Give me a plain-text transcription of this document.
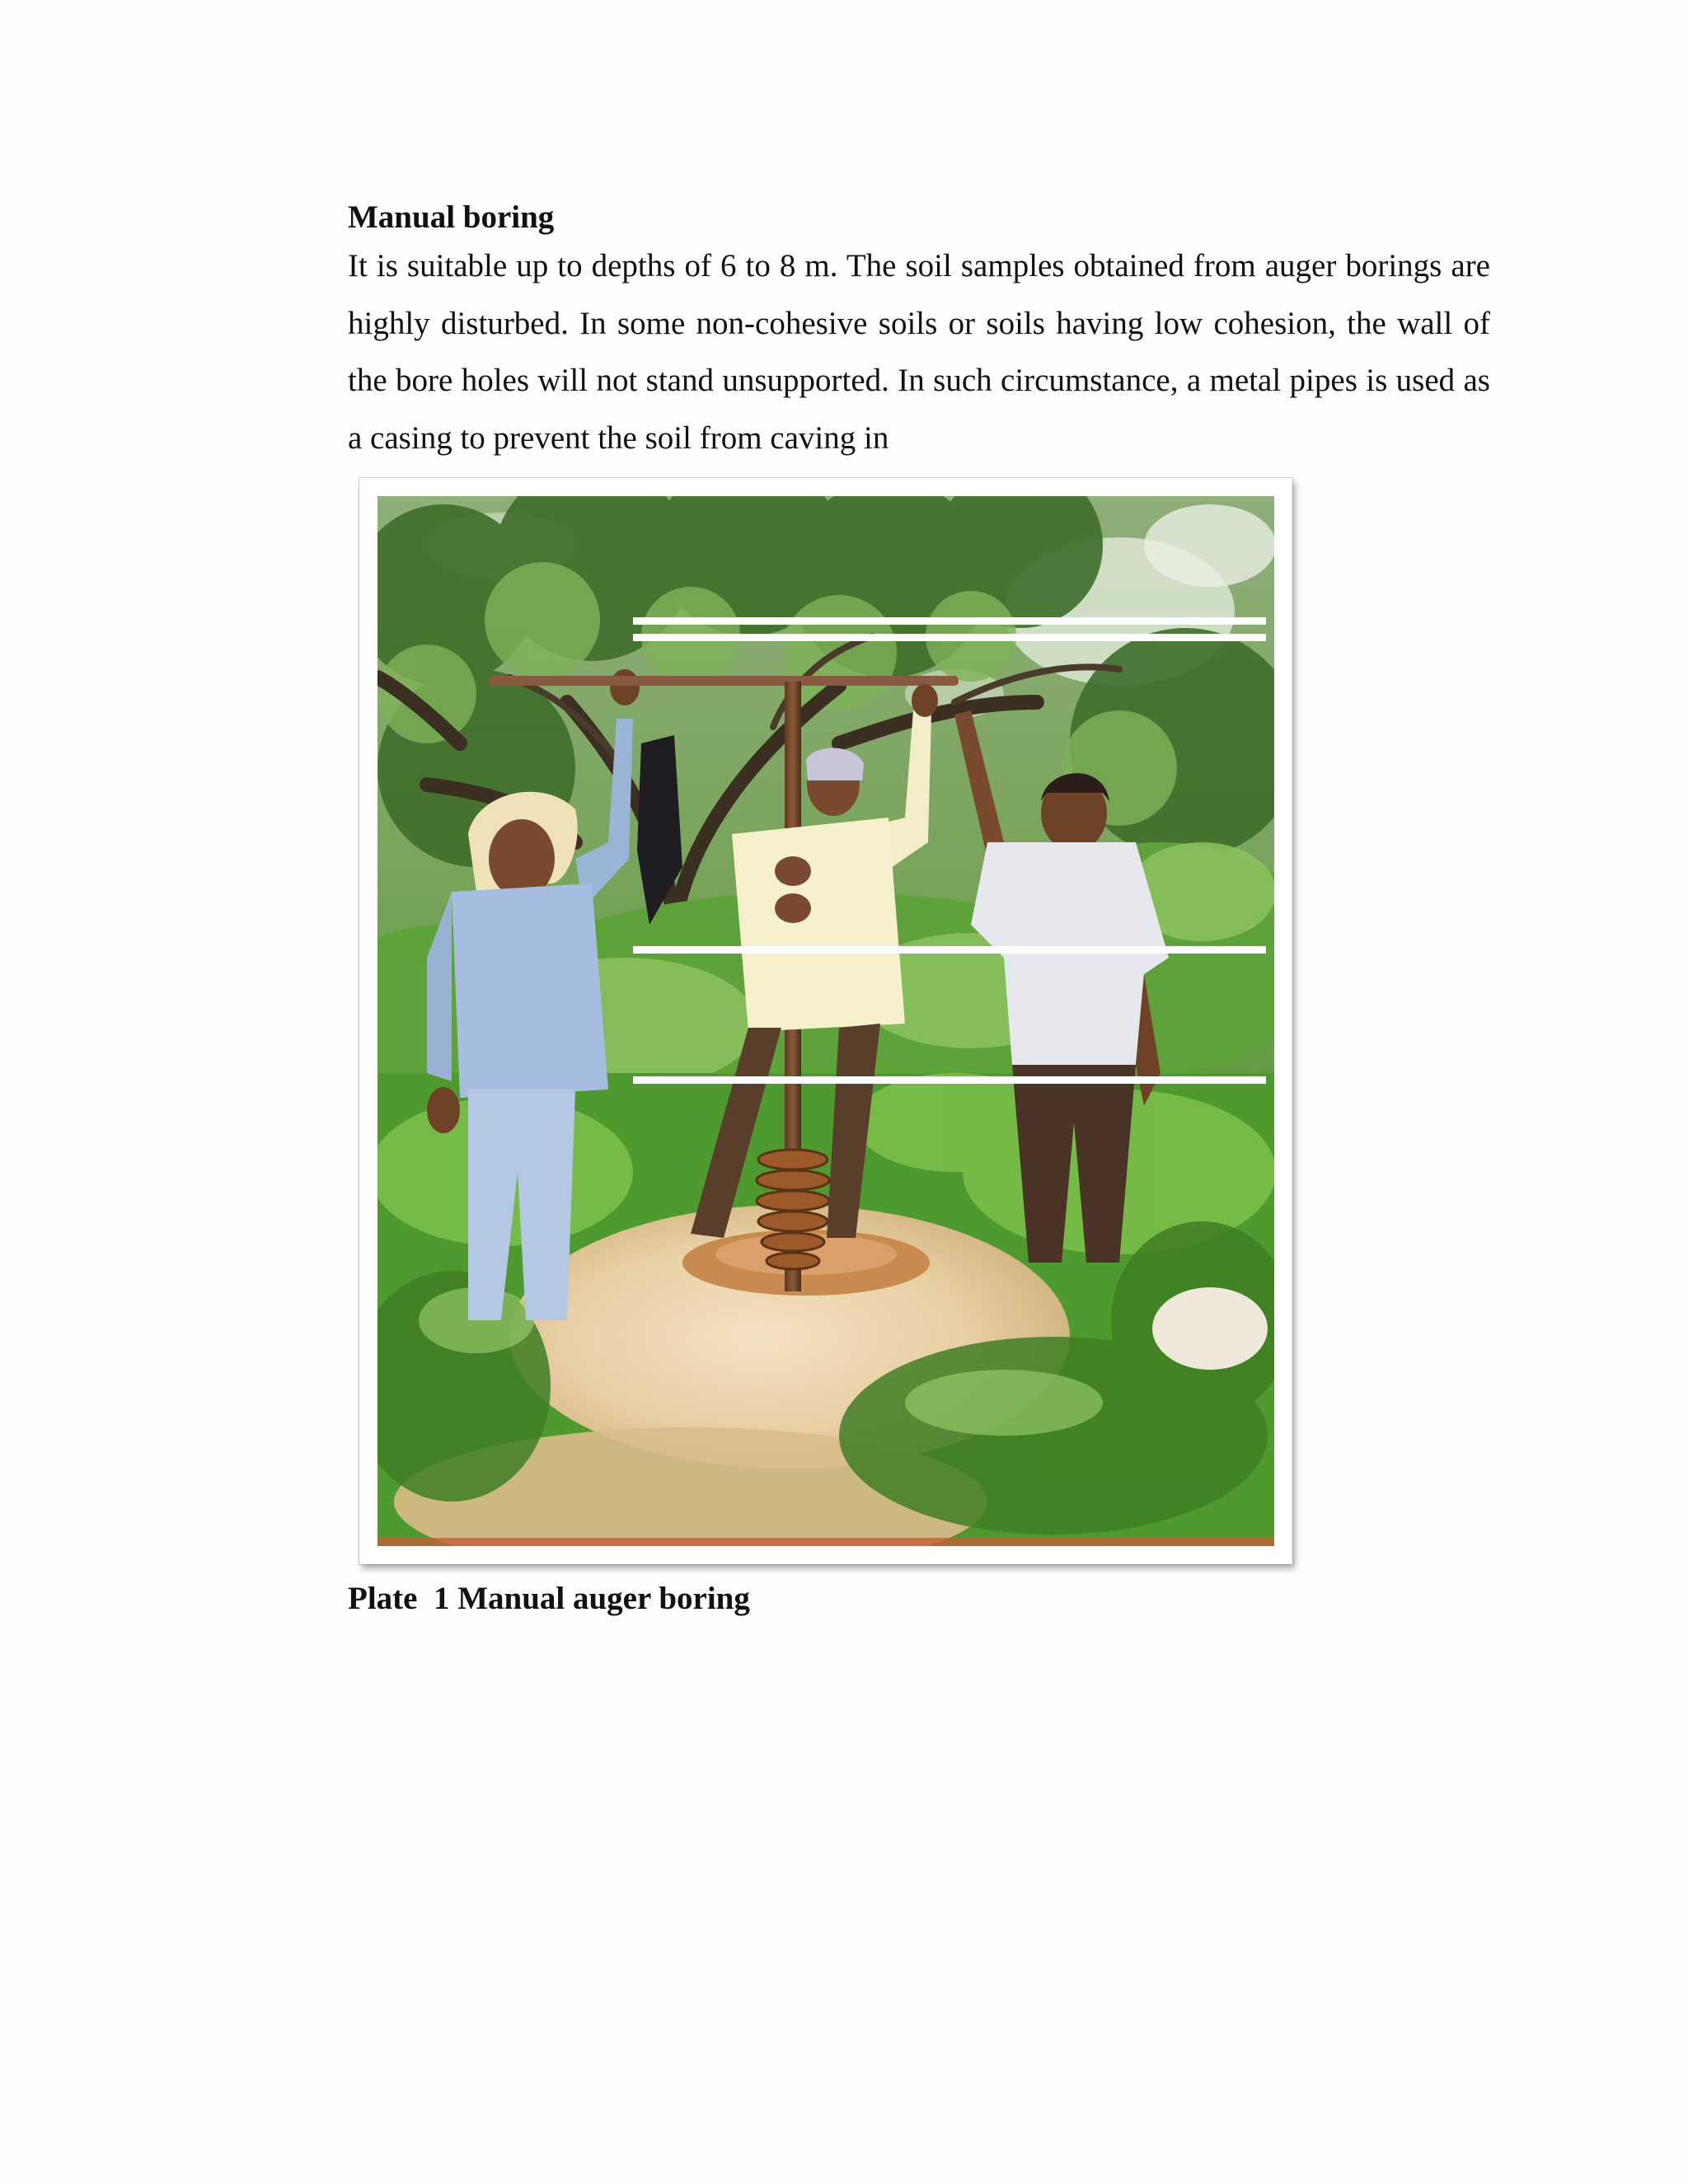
Manual boring

It is suitable up to depths of 6 to 8 m. The soil samples obtained from auger borings are highly disturbed. In some non-cohesive soils or soils having low cohesion, the wall of the bore holes will not stand unsupported. In such circumstance, a metal pipes is used as a casing to prevent the soil from caving in

Plate  1 Manual auger boring
